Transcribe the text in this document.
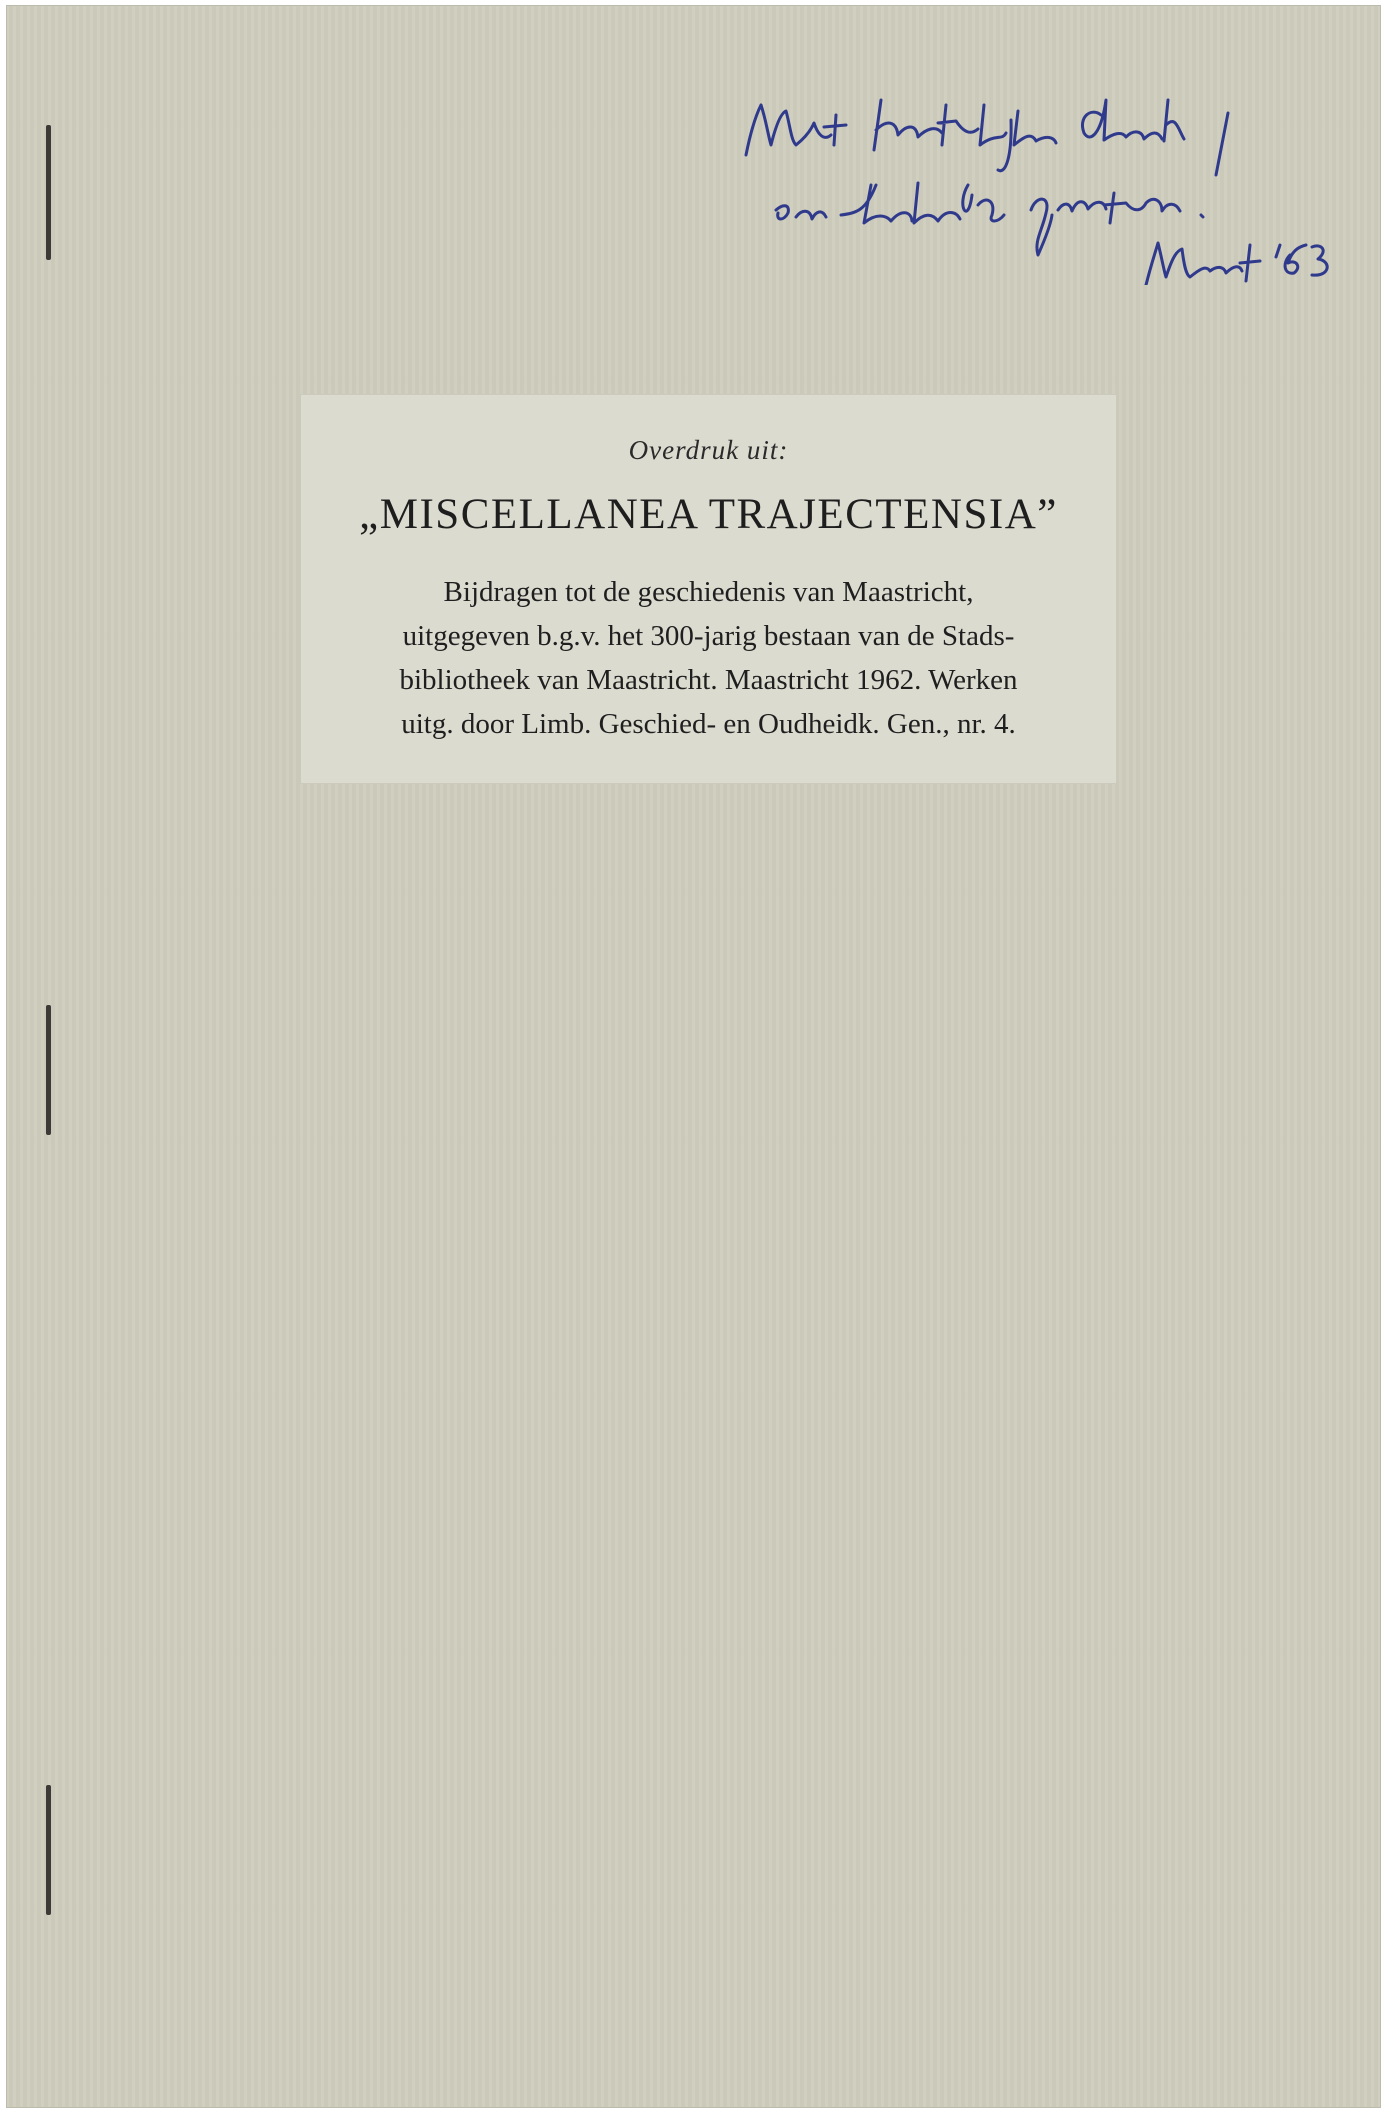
Overdruk uit:
„MISCELLANEA TRAJECTENSIA”
Bijdragen tot de geschiedenis van Maastricht,
uitgegeven b.g.v. het 300-jarig bestaan van de Stads-
bibliotheek van Maastricht. Maastricht 1962. Werken
uitg. door Limb. Geschied- en Oudheidk. Gen., nr. 4.
